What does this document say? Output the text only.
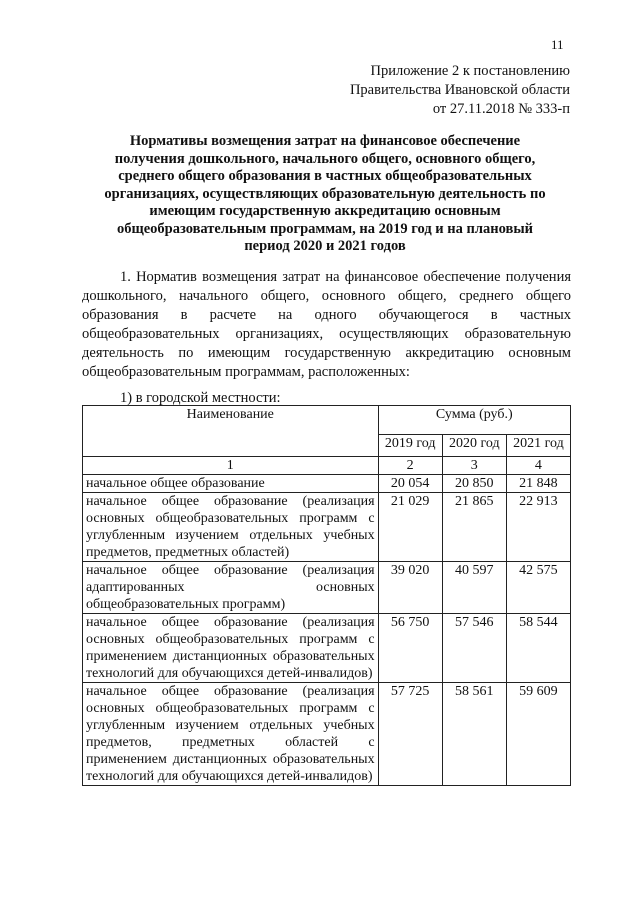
11
Приложение 2 к постановлению
Правительства Ивановской области
от 27.11.2018 № 333-п
Нормативы возмещения затрат на финансовое обеспечение получения дошкольного, начального общего, основного общего, среднего общего образования в частных общеобразовательных организациях, осуществляющих образовательную деятельность по имеющим государственную аккредитацию основным общеобразовательным программам, на 2019 год и на плановый период 2020 и 2021 годов
1. Норматив возмещения затрат на финансовое обеспечение получения дошкольного, начального общего, основного общего, среднего общего образования в расчете на одного обучающегося в частных общеобразовательных организациях, осуществляющих образовательную деятельность по имеющим государственную аккредитацию основным общеобразовательным программам, расположенных:
1) в городской местности:
Наименование	Сумма (руб.)		
	2019 год	2020 год	2021 год
1	2	3	4
начальное общее образование	20 054	20 850	21 848
начальное общее образование (реализация основных общеобразовательных программ с углубленным изучением отдельных учебных предметов, предметных областей)	21 029	21 865	22 913
начальное общее образование (реализация адаптированных основных общеобразовательных программ)	39 020	40 597	42 575
начальное общее образование (реализация основных общеобразовательных программ с применением дистанционных образовательных технологий для обучающихся детей-инвалидов)	56 750	57 546	58 544
начальное общее образование (реализация основных общеобразовательных программ с углубленным изучением отдельных учебных предметов, предметных областей с применением дистанционных образовательных технологий для обучающихся детей-инвалидов)	57 725	58 561	59 609
